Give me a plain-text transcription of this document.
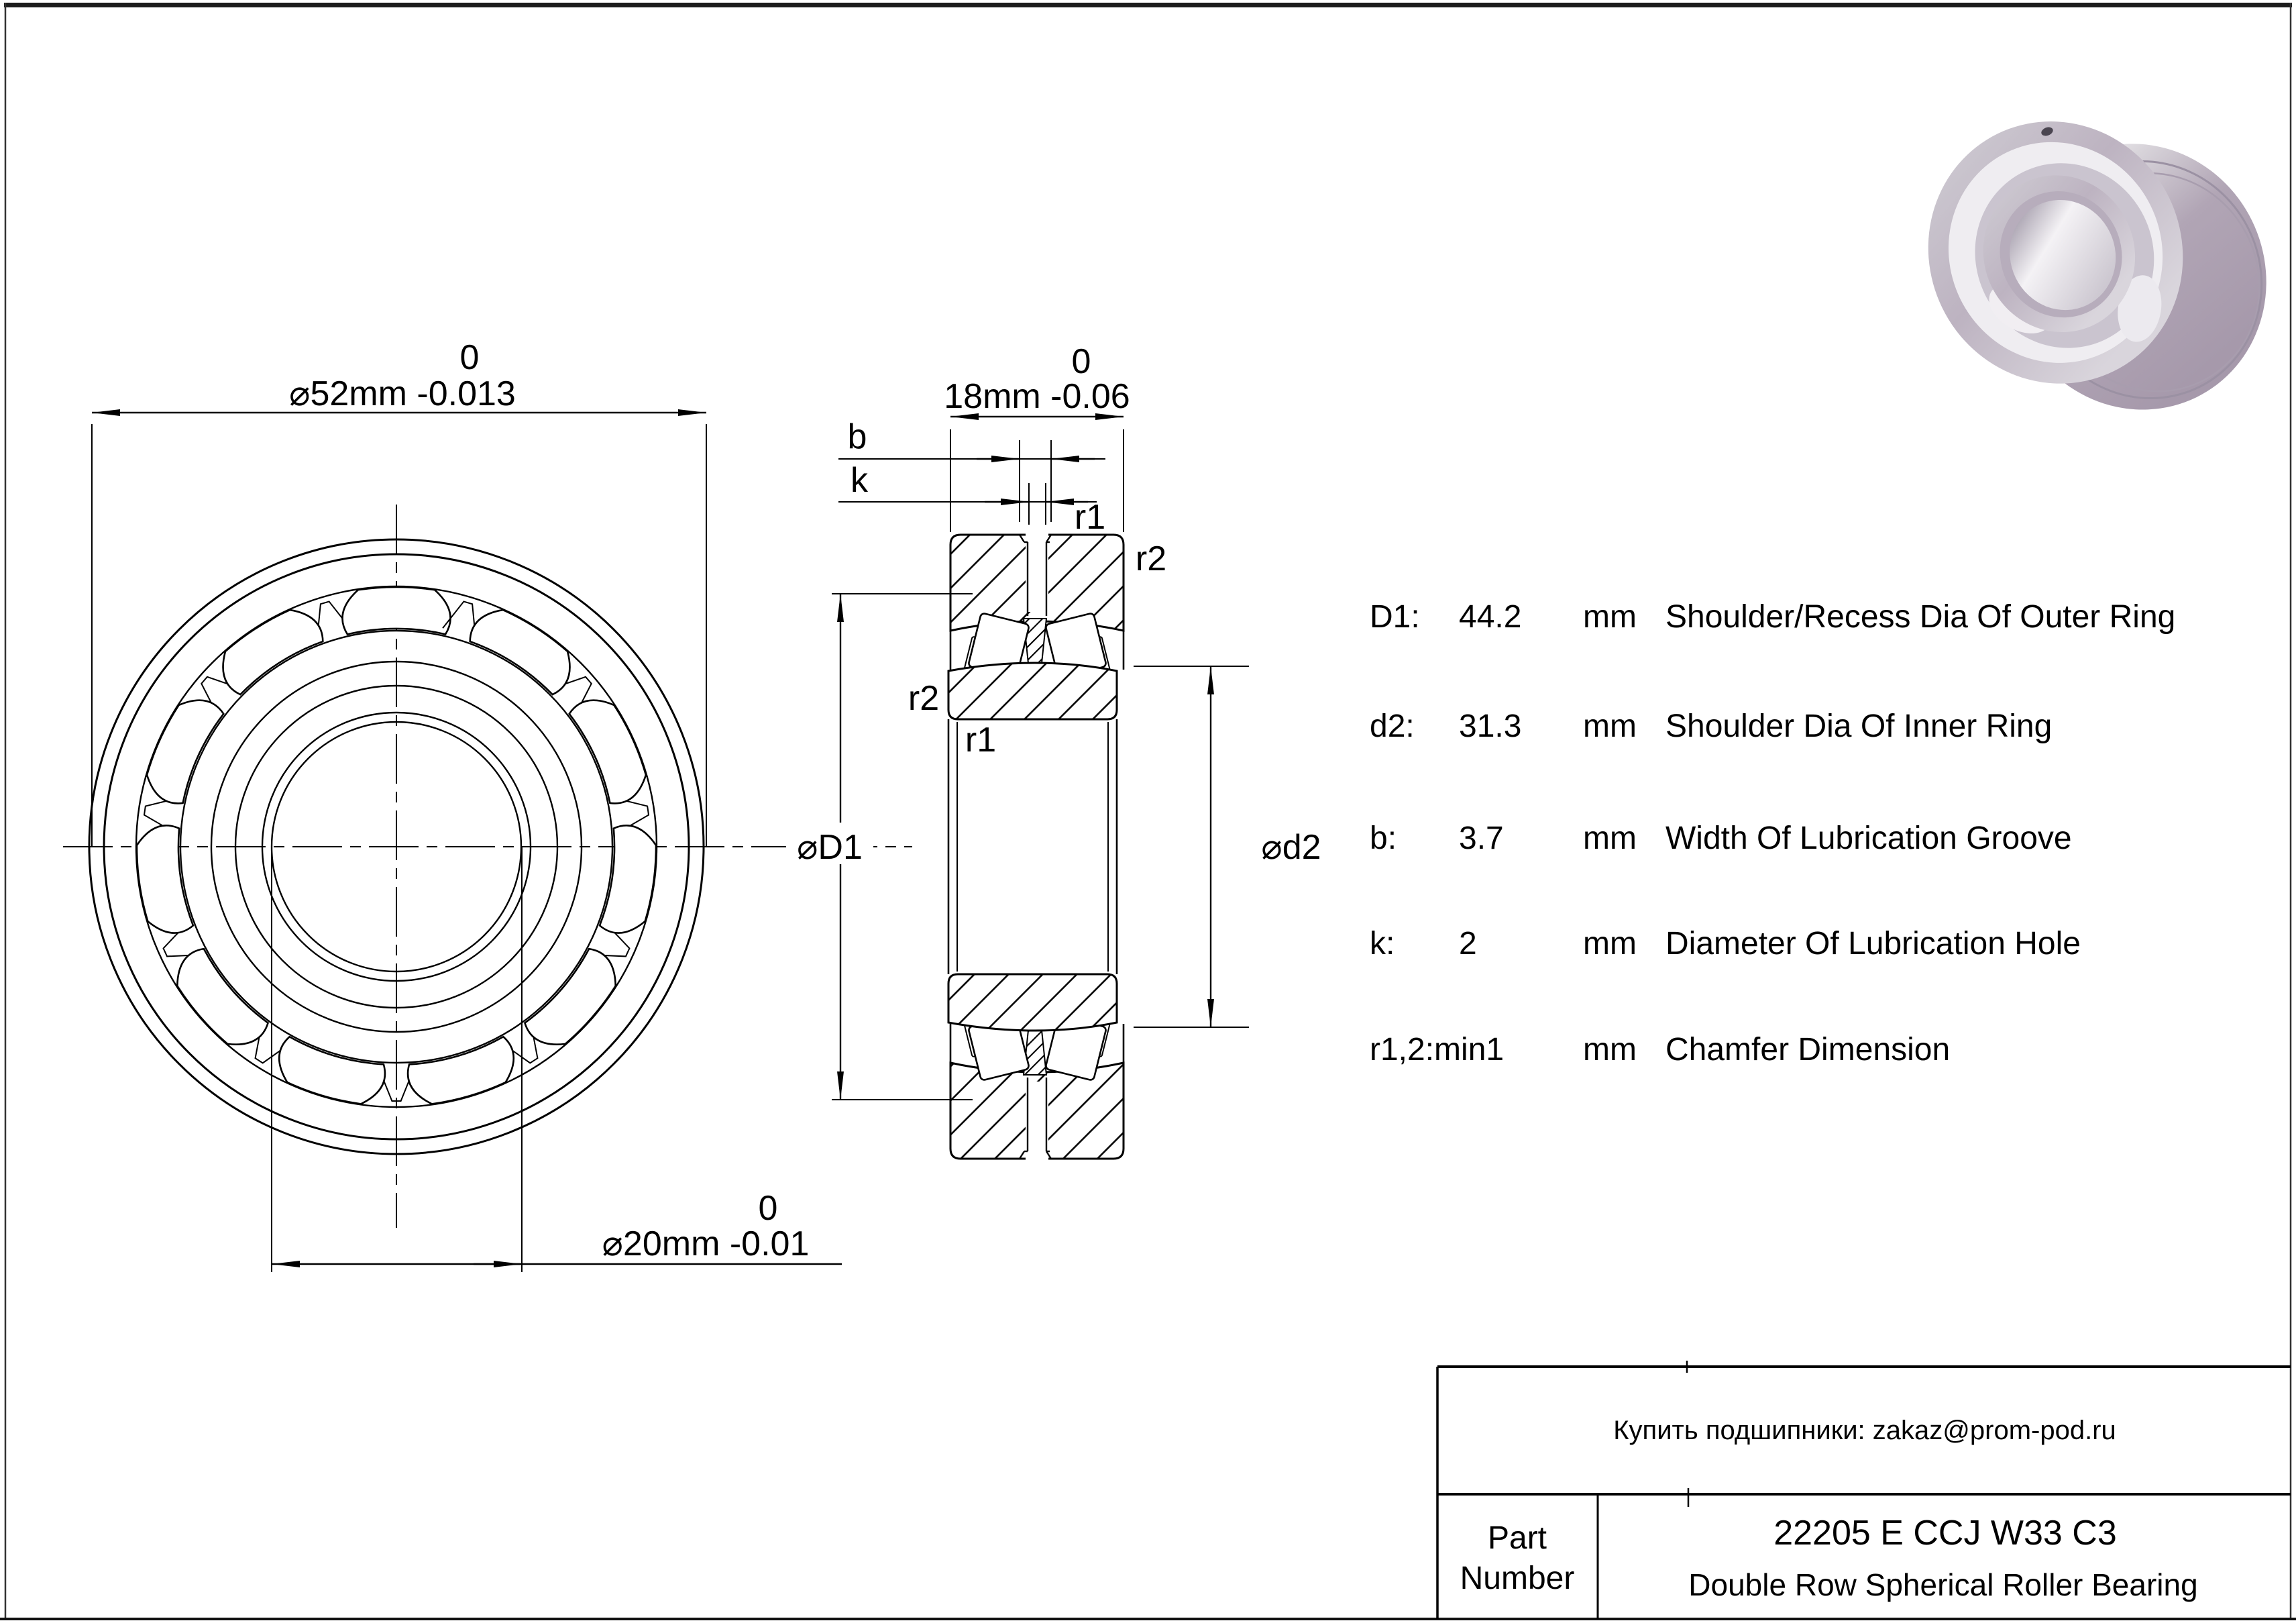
0
⌀52mm -0.013
0
⌀20mm -0.01
0
18mm -0.06
b
k
r1
r2
r2
r1
⌀D1	⌀d2
D1: 44.2 mm Shoulder/Recess Dia Of Outer Ring
d2: 31.3 mm Shoulder Dia Of Inner Ring
b: 3.7 mm Width Of Lubrication Groove
k: 2	mm Diameter Of Lubrication Hole
r1,2:min1 mm Chamfer Dimension
Купить подшипники: zakaz@prom-pod.ru
Part
Number
22205 E CCJ W33 C3
Double Row Spherical Roller Bearing
